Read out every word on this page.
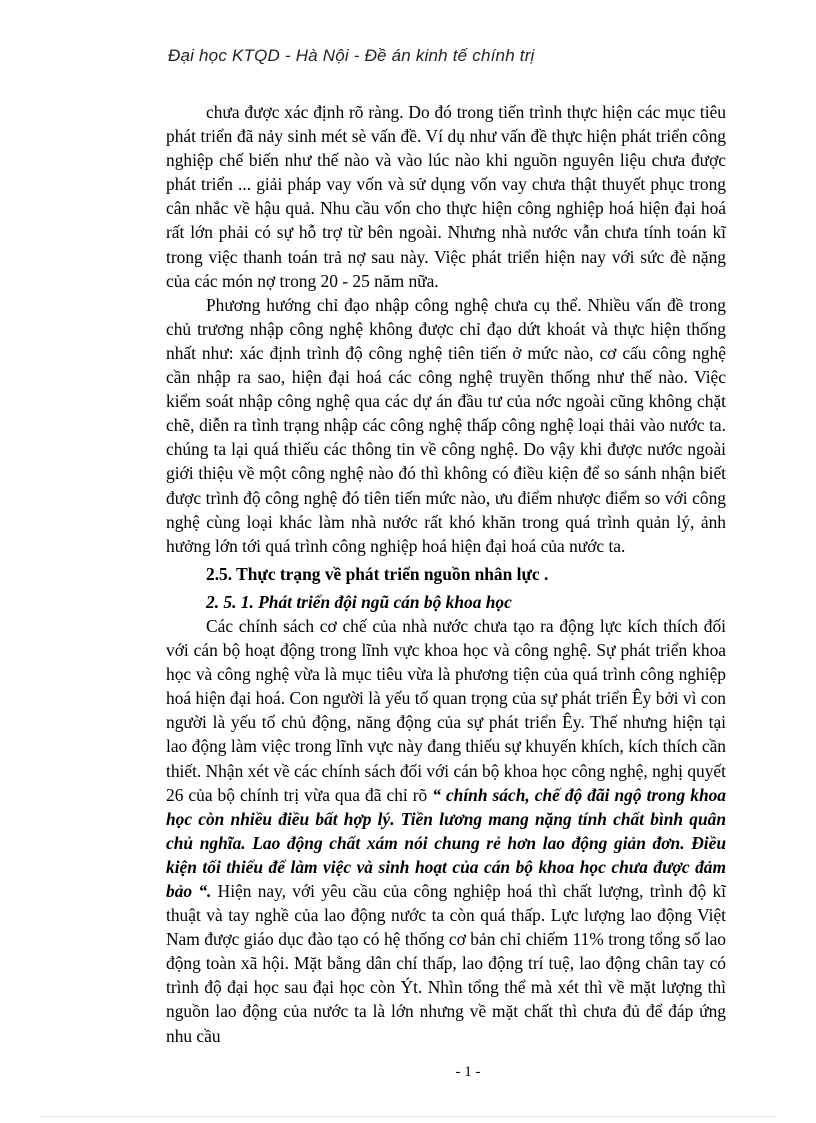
Đại học KTQD - Hà Nội - Đề án kinh tế chính trị

chưa được xác định rõ ràng. Do đó trong tiến trình thực hiện các mục tiêu phát triển đã nảy sinh mét sè vấn đề. Ví dụ như vấn đề thực hiện phát triển công nghiệp chế biến như thế nào và vào lúc nào khi nguồn nguyên liệu chưa được phát triển ... giải pháp vay vốn và sử dụng vốn vay chưa thật thuyết phục trong cân nhắc về hậu quả. Nhu cầu vốn cho thực hiện công nghiệp hoá hiện đại hoá rất lớn phải có sự hỗ trợ từ bên ngoài. Nhưng nhà nước vẫn chưa tính toán kĩ trong việc thanh toán trả nợ sau này. Việc phát triển hiện nay với sức đè nặng của các món nợ trong 20 - 25 năm nữa.

Phương hướng chỉ đạo nhập công nghệ chưa cụ thể. Nhiều vấn đề trong chủ trương nhập công nghệ không được chỉ đạo dứt khoát và thực hiện thống nhất như: xác định trình độ công nghệ tiên tiến ở mức nào, cơ cấu công nghệ cần nhập ra sao, hiện đại hoá các công nghệ truyền thống như thế nào. Việc kiểm soát nhập công nghệ qua các dự án đầu tư của nớc ngoài cũng không chặt chẽ, diễn ra tình trạng nhập các công nghệ thấp công nghệ loại thải vào nước ta. chúng ta lại quá thiếu các thông tin về công nghệ. Do vậy khi được nước ngoài giới thiệu về một công nghệ nào đó thì không có điều kiện để so sánh nhận biết được trình độ công nghệ đó tiên tiến mức nào, ưu điểm nhược điểm so với công nghệ cùng loại khác làm nhà nước rất khó khăn trong quá trình quản lý, ảnh hưởng lớn tới quá trình công nghiệp hoá hiện đại hoá của nước ta.

2.5. Thực trạng về phát triển nguồn nhân lực .
2. 5. 1. Phát triển đội ngũ cán bộ khoa học

Các chính sách cơ chế của nhà nước chưa tạo ra động lực kích thích đối với cán bộ hoạt động trong lĩnh vực khoa học và công nghệ. Sự phát triển khoa học và công nghệ vừa là mục tiêu vừa là phương tiện của quá trình công nghiệp hoá hiện đại hoá. Con người là yếu tố quan trọng của sự phát triển Êy bởi vì con người là yếu tố chủ động, năng động của sự phát triển Êy. Thế nhưng hiện tại lao động làm việc trong lĩnh vực này đang thiếu sự khuyến khích, kích thích cần thiết. Nhận xét về các chính sách đối với cán bộ khoa học công nghệ, nghị quyết 26 của bộ chính trị vừa qua đã chỉ rõ “ chính sách, chế độ đãi ngộ trong khoa học còn nhiều điều bất hợp lý. Tiền lương mang nặng tính chất bình quân chủ nghĩa. Lao động chất xám nói chung rẻ hơn lao động giản đơn. Điều kiện tối thiểu để làm việc và sinh hoạt của cán bộ khoa học chưa được đảm bảo “. Hiện nay, với yêu cầu của công nghiệp hoá thì chất lượng, trình độ kĩ thuật và tay nghề của lao động nước ta còn quá thấp. Lực lượng lao động Việt Nam được giáo dục đào tạo có hệ thống cơ bản chỉ chiếm 11% trong tổng số lao động toàn xã hội. Mặt bằng dân chí thấp, lao động trí tuệ, lao động chân tay có trình độ đại học sau đại học còn Ýt. Nhìn tổng thể mà xét thì về mặt lượng thì nguồn lao động của nước ta là lớn nhưng về mặt chất thì chưa đủ để đáp ứng nhu cầu

- 1 -
